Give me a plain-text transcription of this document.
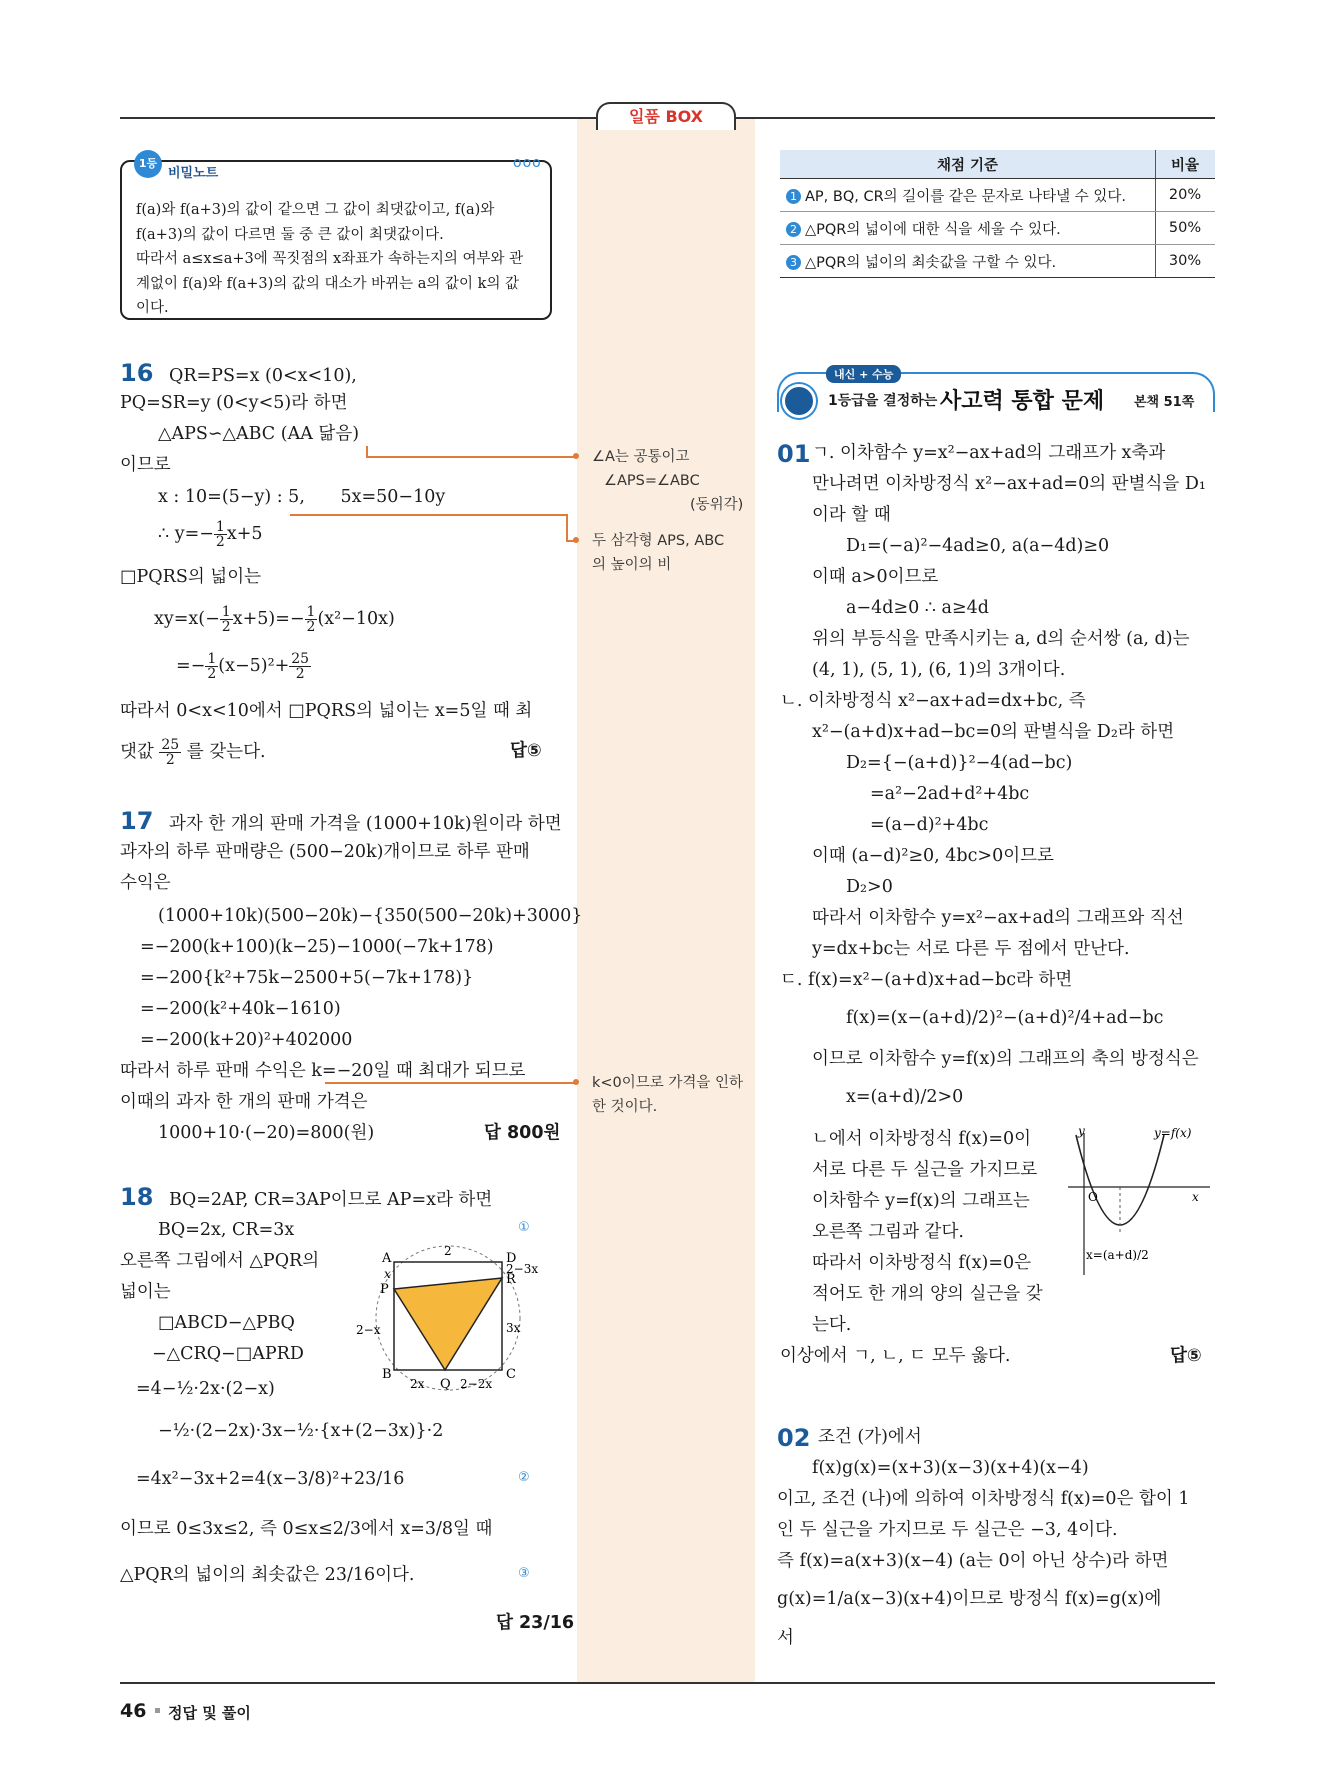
일품 BOX
f(a)와 f(a+3)의 값이 같으면 그 값이 최댓값이고, f(a)와
f(a+3)의 값이 다르면 둘 중 큰 값이 최댓값이다.
따라서 a≤x≤a+3에 꼭짓점의 x좌표가 속하는지의 여부와 관
계없이 f(a)와 f(a+3)의 값의 대소가 바뀌는 a의 값이 k의 값
이다.
1등급
비밀노트
ooo
16 QR=PS=x (0<x<10),
PQ=SR=y (0<y<5)라 하면
△APS∽△ABC (AA 닮음)
이므로
x : 10=(5−y) : 5, 5x=50−10y
∴ $y=- \frac{1}{2} x+5$
□PQRS의 넓이는
$xy=x(- \frac{1}{2} x+5)=- \frac{1}{2} (x^2-10x)$
=− $\frac{1}{2} (x-5)^2+ \frac{25}{2}$
따라서 0<x<10에서 □PQRS의 넓이는 x=5일 때 최
댓값 $\frac{25}{2}$ 를 갖는다.	답⑤
∠A는 공통이고
∠APS=∠ABC
(동위각)
두 삼각형 APS, ABC
의 높이의 비
17 과자 한 개의 판매 가격을 (1000+10k)원이라 하면
과자의 하루 판매량은 (500−20k)개이므로 하루 판매
수익은
(1000+10k)(500−20k)−{350(500−20k)+3000}
=−200(k+100)(k−25)−1000(−7k+178)
=−200{k²+75k−2500+5(−7k+178)}
=−200(k²+40k−1610)
=−200(k+20)²+402000
따라서 하루 판매 수익은 k=−20일 때 최대가 되므로
이때의 과자 한 개의 판매 가격은
1000+10·(−20)=800(원)	답 800원
k<0이므로 가격을 인하
한 것이다.
18 BQ=2AP, CR=3AP이므로 AP=x라 하면
BQ=2x, CR=3x	①
오른쪽 그림에서 △PQR의
넓이는
□ABCD−△PBQ
−△CRQ−□APRD
=4−½·2x·(2−x)
−½·(2−2x)·3x−½·{x+(2−3x)}·2
=4x²−3x+2=4(x−3/8)²+23/16	②
이므로 0≤3x≤2, 즉 0≤x≤2/3에서 x=3/8일 때
△PQR의 넓이의 최솟값은 23/16이다.	③
답 23/16
A
B	C
D
P
Q
R
2
x
2−x
2−3x
3x
2x	2−2x
채점 기준	비율
1 AP, BQ, CR의 길이를 같은 문자로 나타낼 수 있다.	20%
2 △PQR의 넓이에 대한 식을 세울 수 있다.	50%
3 △PQR의 넓이의 최솟값을 구할 수 있다.	30%
내신 + 수능
1등급을 결정하는 사고력 통합 문제 본책 51쪽
01 ㄱ. 이차함수 y=x²−ax+ad의 그래프가 x축과
만나려면 이차방정식 x²−ax+ad=0의 판별식을 D₁
이라 할 때
D₁=(−a)²−4ad≥0, a(a−4d)≥0
이때 a>0이므로
a−4d≥0 ∴ a≥4d
위의 부등식을 만족시키는 a, d의 순서쌍 (a, d)는
(4, 1), (5, 1), (6, 1)의 3개이다.
ㄴ. 이차방정식 x²−ax+ad=dx+bc, 즉
x²−(a+d)x+ad−bc=0의 판별식을 D₂라 하면
D₂={−(a+d)}²−4(ad−bc)
=a²−2ad+d²+4bc
=(a−d)²+4bc
이때 (a−d)²≥0, 4bc>0이므로
D₂>0
따라서 이차함수 y=x²−ax+ad의 그래프와 직선
y=dx+bc는 서로 다른 두 점에서 만난다.
ㄷ. f(x)=x²−(a+d)x+ad−bc라 하면
f(x)=(x−(a+d)/2)²−(a+d)²/4+ad−bc
이므로 이차함수 y=f(x)의 그래프의 축의 방정식은
x=(a+d)/2>0
ㄴ에서 이차방정식 f(x)=0이
서로 다른 두 실근을 가지므로
이차함수 y=f(x)의 그래프는
오른쪽 그림과 같다.
따라서 이차방정식 f(x)=0은
적어도 한 개의 양의 실근을 갖
는다.
이상에서 ㄱ, ㄴ, ㄷ 모두 옳다.	답⑤
y
x
O
y=f(x)
x=(a+d)/2
02 조건 (가)에서
f(x)g(x)=(x+3)(x−3)(x+4)(x−4)
이고, 조건 (나)에 의하여 이차방정식 f(x)=0은 합이 1
인 두 실근을 가지므로 두 실근은 −3, 4이다.
즉 f(x)=a(x+3)(x−4) (a는 0이 아닌 상수)라 하면
g(x)=1/a(x−3)(x+4)이므로 방정식 f(x)=g(x)에
서
46 정답 및 풀이
